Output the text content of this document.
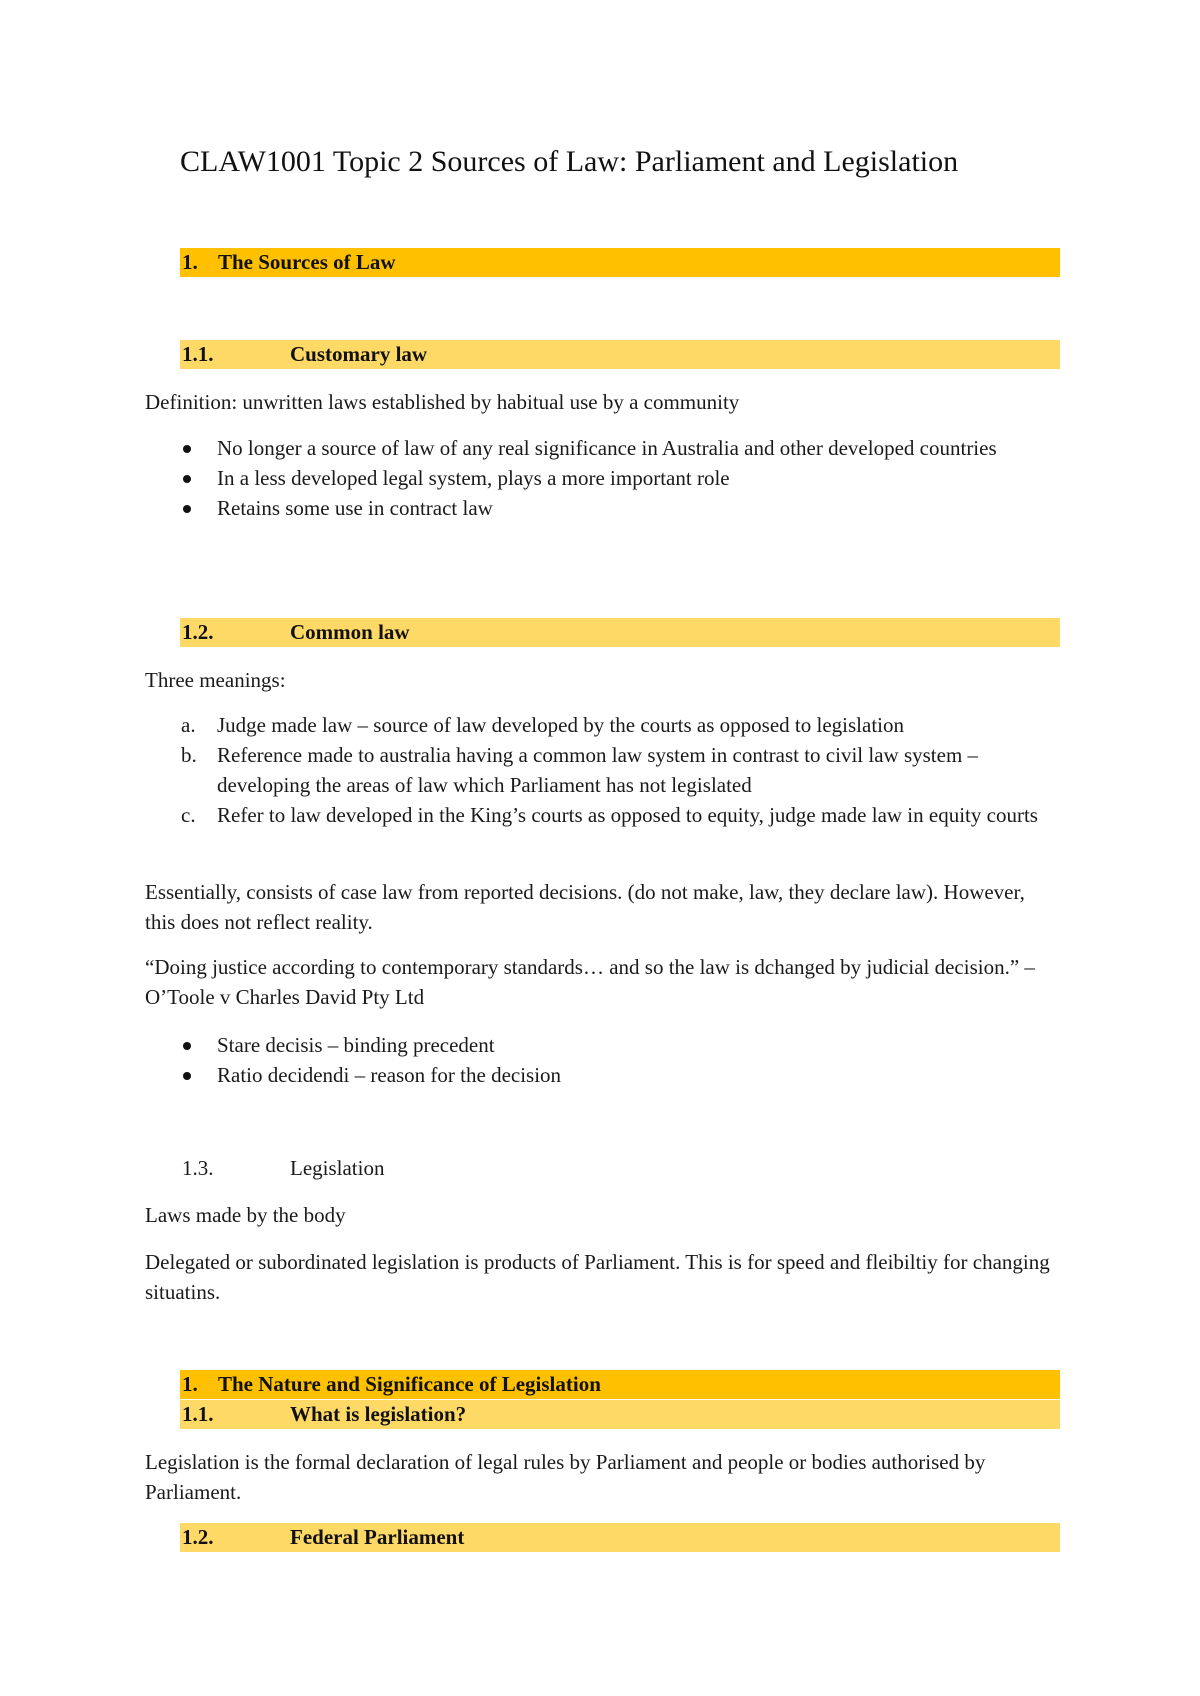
CLAW1001 Topic 2 Sources of Law: Parliament and Legislation
1. The Sources of Law
1.1.	Customary law
Definition: unwritten laws established by habitual use by a community
No longer a source of law of any real significance in Australia and other developed countries
In a less developed legal system, plays a more important role
Retains some use in contract law
1.2.	Common law
Three meanings:
a. Judge made law – source of law developed by the courts as opposed to legislation
b. Reference made to australia having a common law system in contrast to civil law system – developing the areas of law which Parliament has not legislated
c. Refer to law developed in the King’s courts as opposed to equity, judge made law in equity courts
Essentially, consists of case law from reported decisions. (do not make, law, they declare law). However, this does not reflect reality.
“Doing justice according to contemporary standards… and so the law is dchanged by judicial decision.” – O’Toole v Charles David Pty Ltd
Stare decisis – binding precedent
Ratio decidendi – reason for the decision
1.3.	Legislation
Laws made by the body
Delegated or subordinated legislation is products of Parliament. This is for speed and fleibiltiy for changing situatins.
1. The Nature and Significance of Legislation
1.1.	What is legislation?
Legislation is the formal declaration of legal rules by Parliament and people or bodies authorised by Parliament.
1.2.	Federal Parliament
